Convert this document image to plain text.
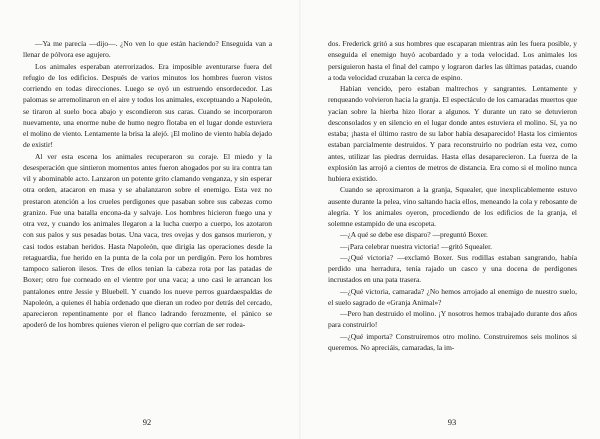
—Ya me parecía —dijo—. ¿No ven lo que están haciendo? Enseguida van a llenar de pólvora ese agujero.

Los animales esperaban aterrorizados. Era imposible aventurarse fuera del refugio de los edificios. Después de varios minutos los hombres fueron vistos corriendo en todas direcciones. Luego se oyó un estruendo ensordecedor. Las palomas se arremolinaron en el aire y todos los animales, exceptuando a Napoleón, se tiraron al suelo boca abajo y escondieron sus caras. Cuando se incorporaron nuevamente, una enorme nube de humo negro flotaba en el lugar donde estuviera el molino de viento. Lentamente la brisa la alejó. ¡El molino de viento había dejado de existir!

Al ver esta escena los animales recuperaron su coraje. El miedo y la desesperación que sintieron momentos antes fueron ahogados por su ira contra tan vil y abominable acto. Lanzaron un potente grito clamando venganza, y sin esperar otra orden, atacaron en masa y se abalanzaron sobre el enemigo. Esta vez no prestaron atención a los crueles perdigones que pasaban sobre sus cabezas como granizo. Fue una batalla encona-da y salvaje. Los hombres hicieron fuego una y otra vez, y cuando los animales llegaron a la lucha cuerpo a cuerpo, los azotaron con sus palos y sus pesadas botas. Una vaca, tres ovejas y dos gansos murieron, y casi todos estaban heridos. Hasta Napoleón, que dirigía las operaciones desde la retaguardia, fue herido en la punta de la cola por un perdigón. Pero los hombres tampoco salieron ilesos. Tres de ellos tenían la cabeza rota por las patadas de Boxer; otro fue corneado en el vientre por una vaca; a uno casi le arrancan los pantalones entre Jessie y Bluebell. Y cuando los nueve perros guardaespaldas de Napoleón, a quienes él había ordenado que dieran un rodeo por detrás del cercado, aparecieron repentinamente por el flanco ladrando ferozmente, el pánico se apoderó de los hombres quienes vieron el peligro que corrían de ser rodea-

92

dos. Frederick gritó a sus hombres que escaparan mientras aún les fuera posible, y enseguida el enemigo huyó acobardado y a toda velocidad. Los animales los persiguieron hasta el final del campo y lograron darles las últimas patadas, cuando a toda velocidad cruzaban la cerca de espino.

Habían vencido, pero estaban maltrechos y sangrantes. Lentamente y renqueando volvieron hacia la granja. El espectáculo de los camaradas muertos que yacían sobre la hierba hizo llorar a algunos. Y durante un rato se detuvieron desconsolados y en silencio en el lugar donde antes estuviera el molino. Sí, ya no estaba; ¡hasta el último rastro de su labor había desaparecido! Hasta los cimientos estaban parcialmente destruidos. Y para reconstruirlo no podrían esta vez, como antes, utilizar las piedras derruidas. Hasta ellas desaparecieron. La fuerza de la explosión las arrojó a cientos de metros de distancia. Era como si el molino nunca hubiera existido.

Cuando se aproximaron a la granja, Squealer, que inexplicablemente estuvo ausente durante la pelea, vino saltando hacia ellos, meneando la cola y rebosante de alegría. Y los animales oyeron, procediendo de los edificios de la granja, el solemne estampido de una escopeta.

—¿A qué se debe ese disparo? —preguntó Boxer.

—¡Para celebrar nuestra victoria! —gritó Squealer.

—¿Qué victoria? —exclamó Boxer. Sus rodillas estaban sangrando, había perdido una herradura, tenía rajado un casco y una docena de perdigones incrustados en una pata trasera.

—¿Qué victoria, camarada? ¿No hemos arrojado al enemigo de nuestro suelo, el suelo sagrado de «Granja Animal»?

—Pero han destruido el molino. ¡Y nosotros hemos trabajado durante dos años para construirlo!

—¿Qué importa? Construiremos otro molino. Construiremos seis molinos si queremos. No apreciáis, camaradas, la im-

93
